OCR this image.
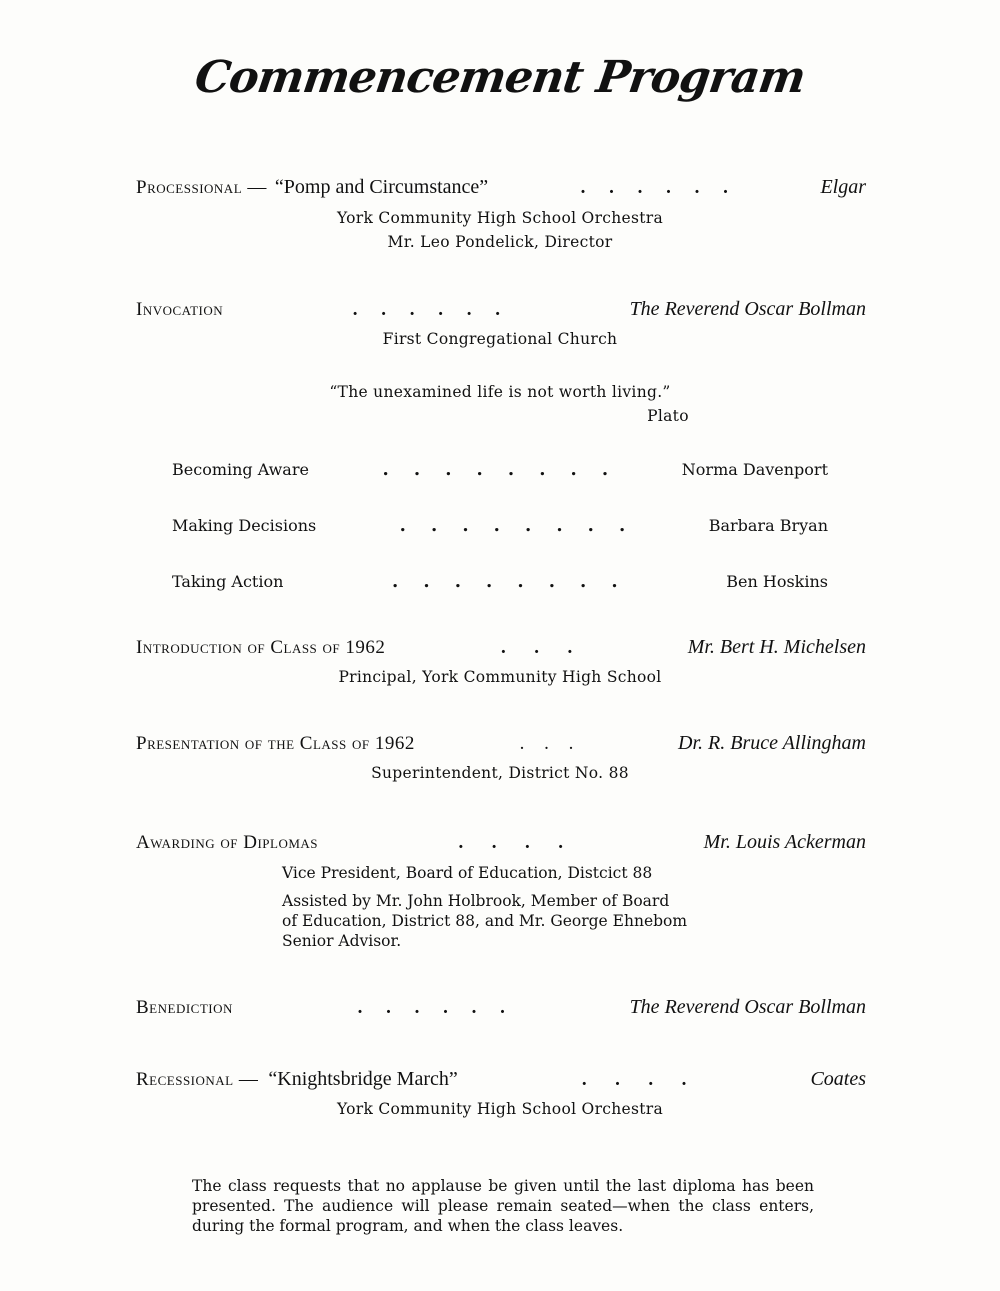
Commencement Program
Processional — “Pomp and Circumstance” .	Elgar
York Community High School Orchestra
Mr. Leo Pondelick, Director
Invocation .	The Reverend Oscar Bollman
First Congregational Church
“The unexamined life is not worth living.”
Plato
Becoming Aware .	Norma Davenport
Making Decisions .	Barbara Bryan
Taking Action .	Ben Hoskins
Introduction of Class of 1962 .	Mr. Bert H. Michelsen
Principal, York Community High School
Presentation of the Class of 1962 .	Dr. R. Bruce Allingham
Superintendent, District No. 88
Awarding of Diplomas .	Mr. Louis Ackerman
Vice President, Board of Education, Distcict 88
Assisted by Mr. John Holbrook, Member of Board
of Education, District 88, and Mr. George Ehnebom
Senior Advisor.
Benediction .	The Reverend Oscar Bollman
Recessional — “Knightsbridge March” .	Coates
York Community High School Orchestra
The class requests that no applause be given until the last diploma has been presented. The audience will please remain seated—when the class enters, during the formal program, and when the class leaves.
